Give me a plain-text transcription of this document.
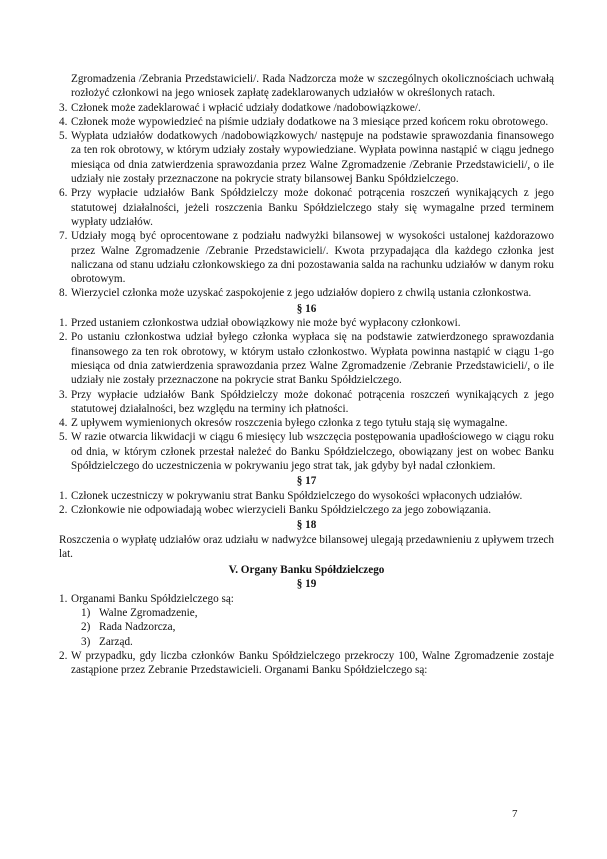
Zgromadzenia /Zebrania Przedstawicieli/. Rada Nadzorcza może w szczególnych okolicznościach uchwałą rozłożyć członkowi na jego wniosek zapłatę zadeklarowanych udziałów w określonych ratach.

3. Członek może zadeklarować i wpłacić udziały dodatkowe /nadobowiązkowe/.

4. Członek może wypowiedzieć na piśmie udziały dodatkowe na 3 miesiące przed końcem roku obrotowego.

5. Wypłata udziałów dodatkowych /nadobowiązkowych/ następuje na podstawie sprawozdania finansowego za ten rok obrotowy, w którym udziały zostały wypowiedziane. Wypłata powinna nastąpić w ciągu jednego miesiąca od dnia zatwierdzenia sprawozdania przez Walne Zgromadzenie /Zebranie Przedstawicieli/, o ile udziały nie zostały przeznaczone na pokrycie straty bilansowej Banku Spółdzielczego.

6. Przy wypłacie udziałów Bank Spółdzielczy może dokonać potrącenia roszczeń wynikających z jego statutowej działalności, jeżeli roszczenia Banku Spółdzielczego stały się wymagalne przed terminem wypłaty udziałów.

7. Udziały mogą być oprocentowane z podziału nadwyżki bilansowej w wysokości ustalonej każdorazowo przez Walne Zgromadzenie /Zebranie Przedstawicieli/. Kwota przypadająca dla każdego członka jest naliczana od stanu udziału członkowskiego za dni pozostawania salda na rachunku udziałów w danym roku obrotowym.

8. Wierzyciel członka może uzyskać zaspokojenie z jego udziałów dopiero z chwilą ustania członkostwa.

§ 16

1. Przed ustaniem członkostwa udział obowiązkowy nie może być wypłacony członkowi.

2. Po ustaniu członkostwa udział byłego członka wypłaca się na podstawie zatwierdzonego sprawozdania finansowego za ten rok obrotowy, w którym ustało członkostwo. Wypłata powinna nastąpić w ciągu 1-go miesiąca od dnia zatwierdzenia sprawozdania przez Walne Zgromadzenie /Zebranie Przedstawicieli/, o ile udziały nie zostały przeznaczone na pokrycie strat Banku Spółdzielczego.

3. Przy wypłacie udziałów Bank Spółdzielczy może dokonać potrącenia roszczeń wynikających z jego statutowej działalności, bez względu na terminy ich płatności.

4. Z upływem wymienionych okresów roszczenia byłego członka z tego tytułu stają się wymagalne.

5. W razie otwarcia likwidacji w ciągu 6 miesięcy lub wszczęcia postępowania upadłościowego w ciągu roku od dnia, w którym członek przestał należeć do Banku Spółdzielczego, obowiązany jest on wobec Banku Spółdzielczego do uczestniczenia w pokrywaniu jego strat tak, jak gdyby był nadal członkiem.

§ 17

1. Członek uczestniczy w pokrywaniu strat Banku Spółdzielczego do wysokości wpłaconych udziałów.

2. Członkowie nie odpowiadają wobec wierzycieli Banku Spółdzielczego za jego zobowiązania.

§ 18

Roszczenia o wypłatę udziałów oraz udziału w nadwyżce bilansowej ulegają przedawnieniu z upływem trzech lat.

V. Organy Banku Spółdzielczego

§ 19

1. Organami Banku Spółdzielczego są:

1) Walne Zgromadzenie,

2) Rada Nadzorcza,

3) Zarząd.

2. W przypadku, gdy liczba członków Banku Spółdzielczego przekroczy 100, Walne Zgromadzenie zostaje zastąpione przez Zebranie Przedstawicieli. Organami Banku Spółdzielczego są:

7
